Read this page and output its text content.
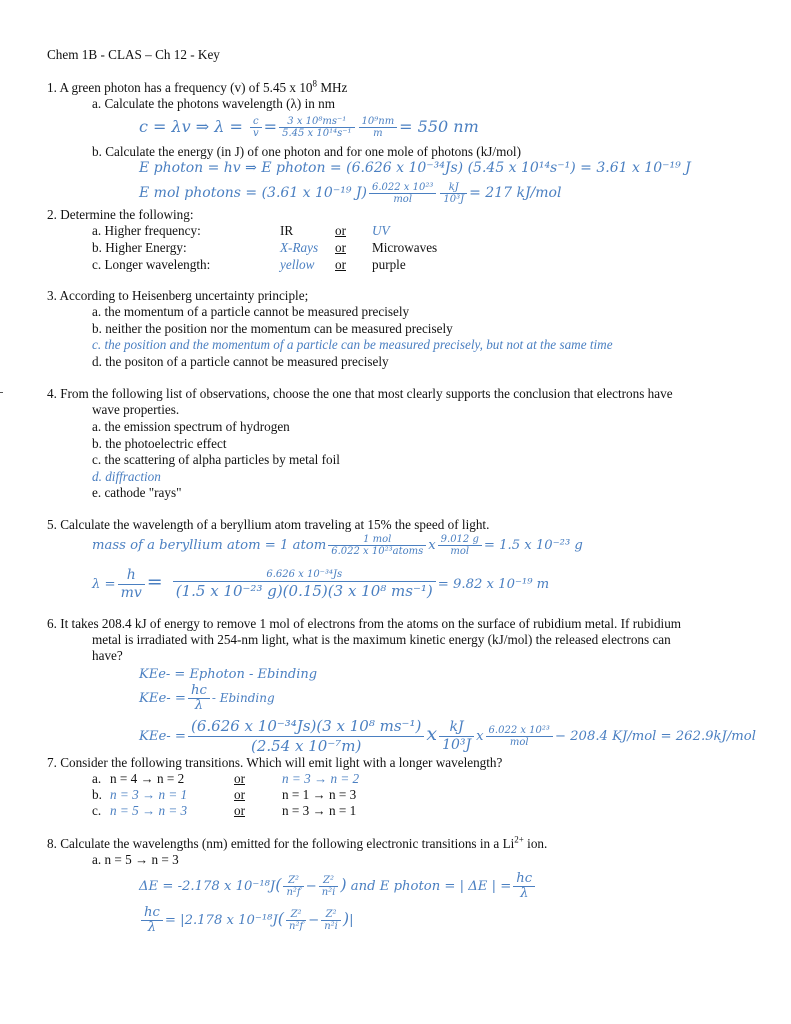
Chem 1B - CLAS – Ch 12 - Key
1. A green photon has a frequency (v) of 5.45 x $10^8$ MHz
a. Calculate the photons wavelength (λ) in nm
c = λv ⇒ $\lambda = \frac{c}{v} = \frac{\text{3 x 10⁸ms⁻¹}}{\text{5.45 x 10¹⁴s⁻¹}} \frac{\text{10⁹nm}}{m} = 550$ nm
b. Calculate the energy (in J) of one photon and for one mole of photons (kJ/mol)
E photon = hv ⇒ E photon = (6.626 x 10⁻³⁴Js) (5.45 x 10¹⁴s⁻¹) = 3.61 x 10⁻¹⁹ J
E mol photons = (3.61 x 10⁻¹⁹ $J) \frac{\text{6.022 x 10²³}}{\text{mol}} \frac{kJ}{\text{10³J}} = 217$ kJ/mol
2. Determine the following:
a. Higher frequency:	IR	or UV
b. Higher Energy:	X-Rays or Microwaves
c. Longer wavelength:	yellow or purple
3. According to Heisenberg uncertainty principle;
a. the momentum of a particle cannot be measured precisely
b. neither the position nor the momentum can be measured precisely
c. the position and the momentum of a particle can be measured precisely, but not at the same time
d. the positon of a particle cannot be measured precisely
4. From the following list of observations, choose the one that most clearly supports the conclusion that electrons have
wave properties.
a. the emission spectrum of hydrogen
b. the photoelectric effect
c. the scattering of alpha particles by metal foil
d. diffraction
e. cathode "rays"
5. Calculate the wavelength of a beryllium atom traveling at 15% the speed of light.
mass of a beryllium atom = 1 atom $\frac{\text{1 mol}}{\text{6.022 x 10²³atoms}}$ x $\frac{9.012 g}{\text{mol}} = 1.5$ x 10⁻²³ g
$\lambda = \frac{h}{mv} = \frac{\text{6.626 x 10⁻³⁴Js}}{\text{(1.5 x 10⁻²³ g)(0.15)(3 x 10⁸ ms⁻¹)}} = 9.82$ x 10⁻¹⁹ m
6. It takes 208.4 kJ of energy to remove 1 mol of electrons from the atoms on the surface of rubidium metal. If rubidium
metal is irradiated with 254-nm light, what is the maximum kinetic energy (kJ/mol) the released electrons can
have?
KEe- = Ephoton - Ebinding
$KEe- = \frac{hc}{\lambda}$ - Ebinding
$KEe- = \frac{\text{(6.626 x 10⁻³⁴Js)(3 x 10⁸ ms⁻¹)}}{\text{(2.54 x 10⁻⁷m)}}$ x $\frac{kJ}{\text{10³J}}$ x $\frac{\text{6.022 x 10²³}}{\text{mol}} - 208.4$ KJ/mol = 262.9kJ/mol
7. Consider the following transitions. Which will emit light with a longer wavelength?
a. n = 4 → n = 2	or	n = 3 → n = 2
b. n = 3 → n = 1	or	n = 1 → n = 3
c. n = 5 → n = 3	or	n = 3 → n = 1
8. Calculate the wavelengths (nm) emitted for the following electronic transitions in a $Li^{2+}$ ion.
a. n = 5 → n = 3
ΔE = -2.178 x $10^{-18}J( \frac{\text{Z²}}{\text{n²f}} - \frac{\text{Z²}}{\text{n²i}}$ ) and E photon = | ΔE | = $\frac{hc}{\lambda}$
$\frac{hc}{\lambda} = |2.178$ x $10^{-18}J( \frac{\text{Z²}}{\text{n²f}} - \frac{\text{Z²}}{\text{n²i}}$ )|
